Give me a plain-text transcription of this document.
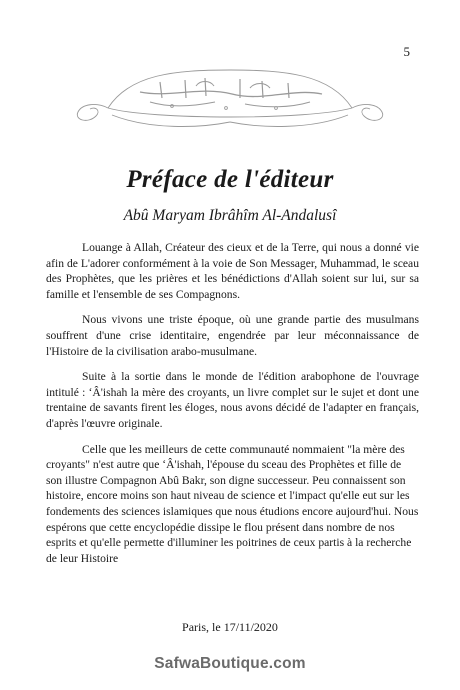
5
Préface de l'éditeur
Abû Maryam Ibrâhîm Al-Andalusî

Louange à Allah, Créateur des cieux et de la Terre, qui nous a donné vie afin de L'adorer conformément à la voie de Son Messager, Muhammad, le sceau des Prophètes, que les prières et les bénédictions d'Allah soient sur lui, sur sa famille et l'ensemble de ses Compagnons.

Nous vivons une triste époque, où une grande partie des musulmans souffrent d'une crise identitaire, engendrée par leur méconnaissance de l'Histoire de la civilisation arabo-musulmane.

Suite à la sortie dans le monde de l'édition arabophone de l'ouvrage intitulé : ‘Â'ishah la mère des croyants, un livre complet sur le sujet et dont une trentaine de savants firent les éloges, nous avons décidé de l'adapter en français, d'après l'œuvre originale.

Celle que les meilleurs de cette communauté nommaient "la mère des croyants" n'est autre que ‘Â'ishah, l'épouse du sceau des Prophètes et fille de son illustre Compagnon Abû Bakr, son digne successeur. Peu connaissent son histoire, encore moins son haut niveau de science et l'impact qu'elle eut sur les fondements des sciences islamiques que nous étudions encore aujourd'hui. Nous espérons que cette encyclopédie dissipe le flou présent dans nombre de nos esprits et qu'elle permette d'illuminer les poitrines de ceux partis à la recherche de leur Histoire

Paris, le 17/11/2020
SafwaBoutique.com
